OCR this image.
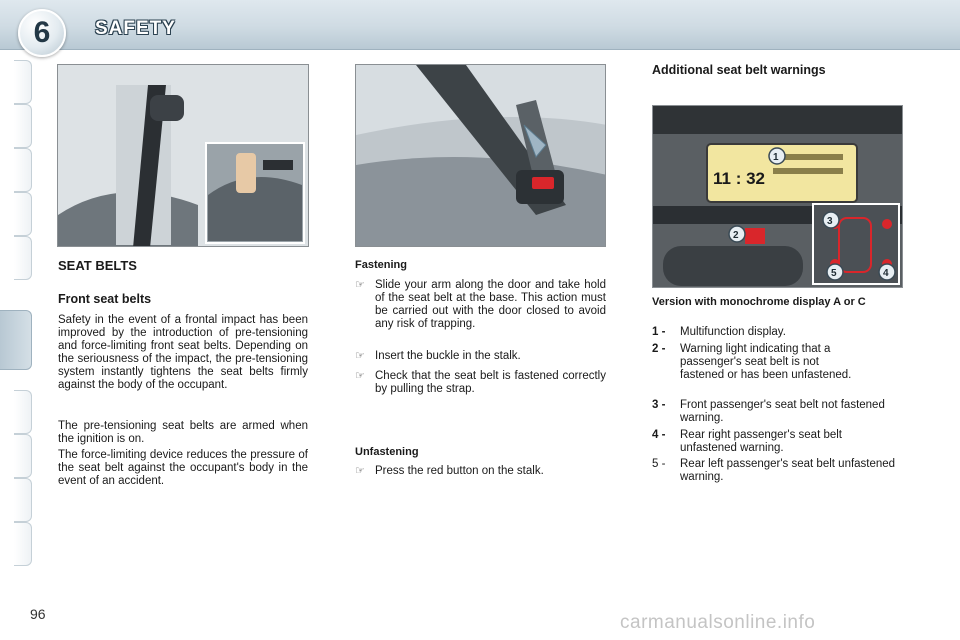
6	SAFETY
11 : 32
1
2
3
4
5
SEAT BELTS
Front seat belts
Safety in the event of a frontal impact has been improved by the introduction of pre-tensioning and force-limiting front seat belts. Depending on the seriousness of the impact, the pre-tensioning system instantly tightens the seat belts firmly against the body of the occupant.
The pre-tensioning seat belts are armed when the ignition is on.
The force-limiting device reduces the pressure of the seat belt against the occupant's body in the event of an accident.
Fastening
☞ Slide your arm along the door and take hold of the seat belt at the base. This action must be carried out with the door closed to avoid any risk of trapping.
☞ Insert the buckle in the stalk.
☞ Check that the seat belt is fastened correctly by pulling the strap.
Unfastening
☞ Press the red button on the stalk.
Additional seat belt warnings
Version with monochrome display A or C
1 -	Multifunction display.
2 -	Warning light indicating that a passenger's seat belt is not fastened or has been unfastened.
3 -	Front passenger's seat belt not fastened warning.
4 -	Rear right passenger's seat belt unfastened warning.
5 -	Rear left passenger's seat belt unfastened warning.
96	carmanualsonline.info
